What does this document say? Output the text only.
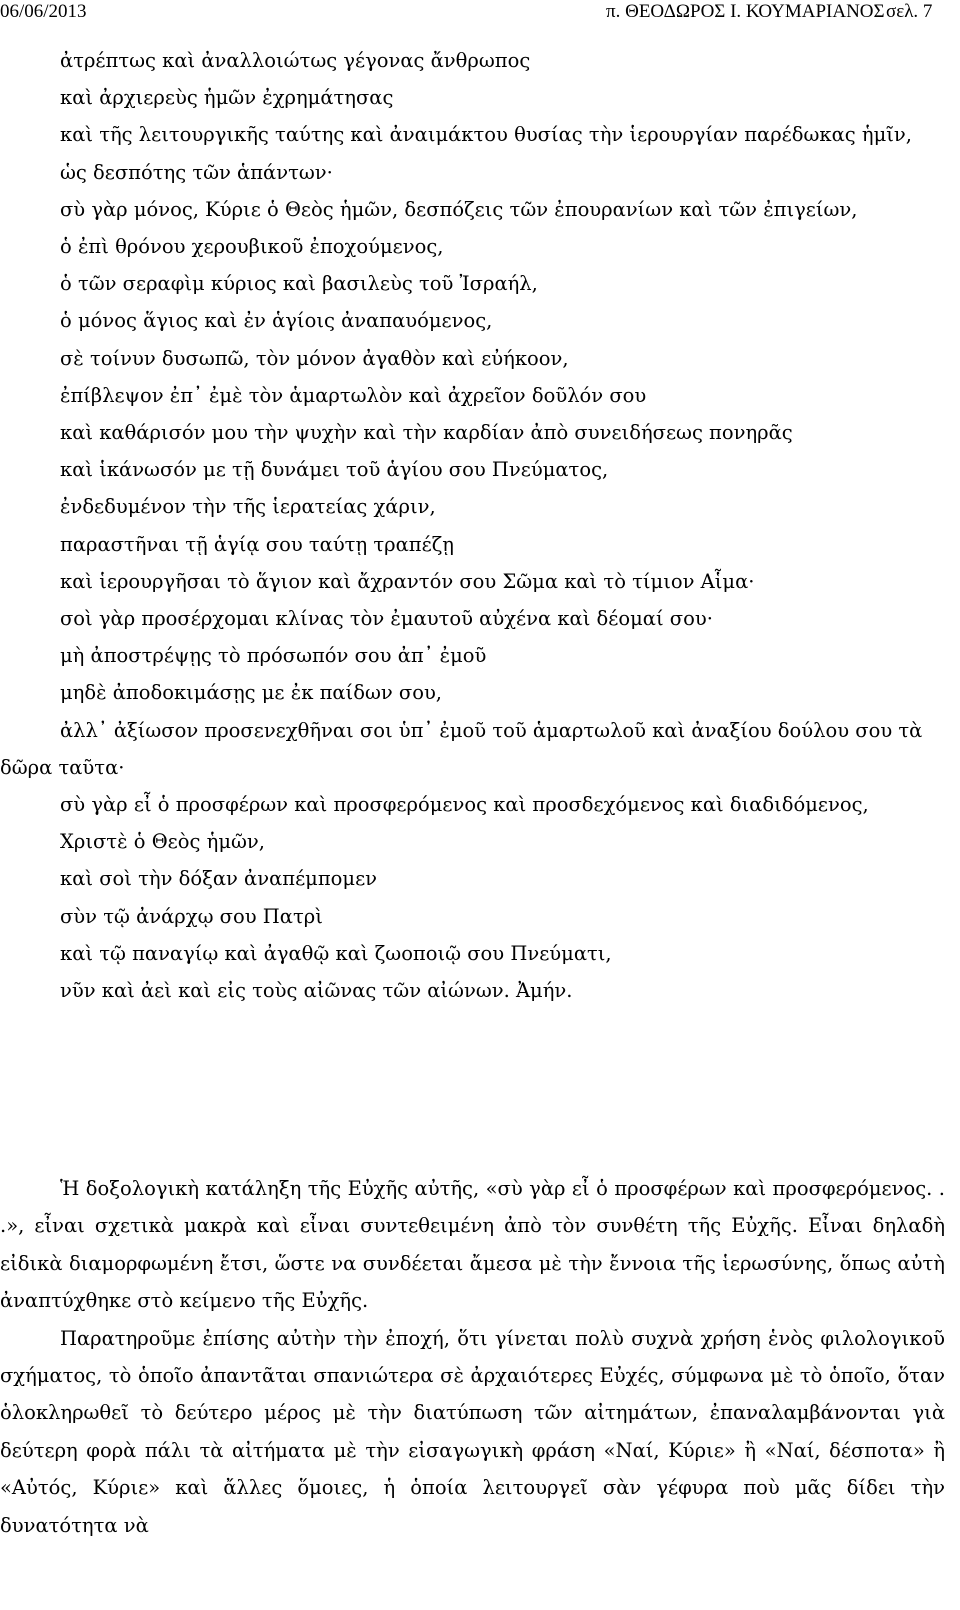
06/06/2013	π. ΘΕΟΔΩΡΟΣ Ι. ΚΟΥΜΑΡΙΑΝΟΣ σελ. 7
ἀτρέπτως καὶ ἀναλλοιώτως γέγονας ἄνθρωπος
καὶ ἀρχιερεὺς ἡμῶν ἐχρημάτησας
καὶ τῆς λειτουργικῆς ταύτης καὶ ἀναιμάκτου θυσίας τὴν ἱερουργίαν παρέδωκας ἡμῖν,
ὡς δεσπότης τῶν ἁπάντων·
σὺ γὰρ μόνος, Κύριε ὁ Θεὸς ἡμῶν, δεσπόζεις τῶν ἐπουρανίων καὶ τῶν ἐπιγείων,
ὁ ἐπὶ θρόνου χερουβικοῦ ἐποχούμενος,
ὁ τῶν σεραφὶμ κύριος καὶ βασιλεὺς τοῦ Ἰσραήλ,
ὁ μόνος ἅγιος καὶ ἐν ἁγίοις ἀναπαυόμενος,
σὲ τοίνυν δυσωπῶ, τὸν μόνον ἀγαθὸν καὶ εὐήκοον,
ἐπίβλεψον ἐπ᾽ ἐμὲ τὸν ἁμαρτωλὸν καὶ ἀχρεῖον δοῦλόν σου
καὶ καθάρισόν μου τὴν ψυχὴν καὶ τὴν καρδίαν ἀπὸ συνειδήσεως πονηρᾶς
καὶ ἱκάνωσόν με τῇ δυνάμει τοῦ ἁγίου σου Πνεύματος,
ἐνδεδυμένον τὴν τῆς ἱερατείας χάριν,
παραστῆναι τῇ ἁγίᾳ σου ταύτῃ τραπέζῃ
καὶ ἱερουργῆσαι τὸ ἅγιον καὶ ἄχραντόν σου Σῶμα καὶ τὸ τίμιον Αἷμα·
σοὶ γὰρ προσέρχομαι κλίνας τὸν ἐμαυτοῦ αὐχένα καὶ δέομαί σου·
μὴ ἀποστρέψῃς τὸ πρόσωπόν σου ἀπ᾽ ἐμοῦ
μηδὲ ἀποδοκιμάσῃς με ἐκ παίδων σου,
ἀλλ᾽ ἀξίωσον προσενεχθῆναι σοι ὑπ᾽ ἐμοῦ τοῦ ἁμαρτωλοῦ καὶ ἀναξίου δούλου σου τὰ δῶρα ταῦτα·
σὺ γὰρ εἶ ὁ προσφέρων καὶ προσφερόμενος καὶ προσδεχόμενος καὶ διαδιδόμενος,
Χριστὲ ὁ Θεὸς ἡμῶν,
καὶ σοὶ τὴν δόξαν ἀναπέμπομεν
σὺν τῷ ἀνάρχῳ σου Πατρὶ
καὶ τῷ παναγίῳ καὶ ἀγαθῷ καὶ ζωοποιῷ σου Πνεύματι,
νῦν καὶ ἀεὶ καὶ εἰς τοὺς αἰῶνας τῶν αἰώνων. Ἀμήν.

Ἡ δοξολογικὴ κατάληξη τῆς Εὐχῆς αὐτῆς, «σὺ γὰρ εἶ ὁ προσφέρων καὶ προσφερόμενος. . .», εἶναι σχετικὰ μακρὰ καὶ εἶναι συντεθειμένη ἀπὸ τὸν συνθέτη τῆς Εὐχῆς. Εἶναι δηλαδὴ εἰδικὰ διαμορφωμένη ἔτσι, ὥστε να συνδέεται ἄμεσα μὲ τὴν ἔννοια τῆς ἱερωσύνης, ὅπως αὐτὴ ἀναπτύχθηκε στὸ κείμενο τῆς Εὐχῆς.

Παρατηροῦμε ἐπίσης αὐτὴν τὴν ἐποχή, ὅτι γίνεται πολὺ συχνὰ χρήση ἑνὸς φιλολογικοῦ σχήματος, τὸ ὁποῖο ἀπαντᾶται σπανιώτερα σὲ ἀρχαιότερες Εὐχές, σύμφωνα μὲ τὸ ὁποῖο, ὅταν ὁλοκληρωθεῖ τὸ δεύτερο μέρος μὲ τὴν διατύπωση τῶν αἰτημάτων, ἐπαναλαμβάνονται γιὰ δεύτερη φορὰ πάλι τὰ αἰτήματα μὲ τὴν εἰσαγωγικὴ φράση «Ναί, Κύριε» ἢ «Ναί, δέσποτα» ἢ «Αὐτός, Κύριε» καὶ ἄλλες ὅμοιες, ἡ ὁποία λειτουργεῖ σὰν γέφυρα ποὺ μᾶς δίδει τὴν δυνατότητα νὰ
